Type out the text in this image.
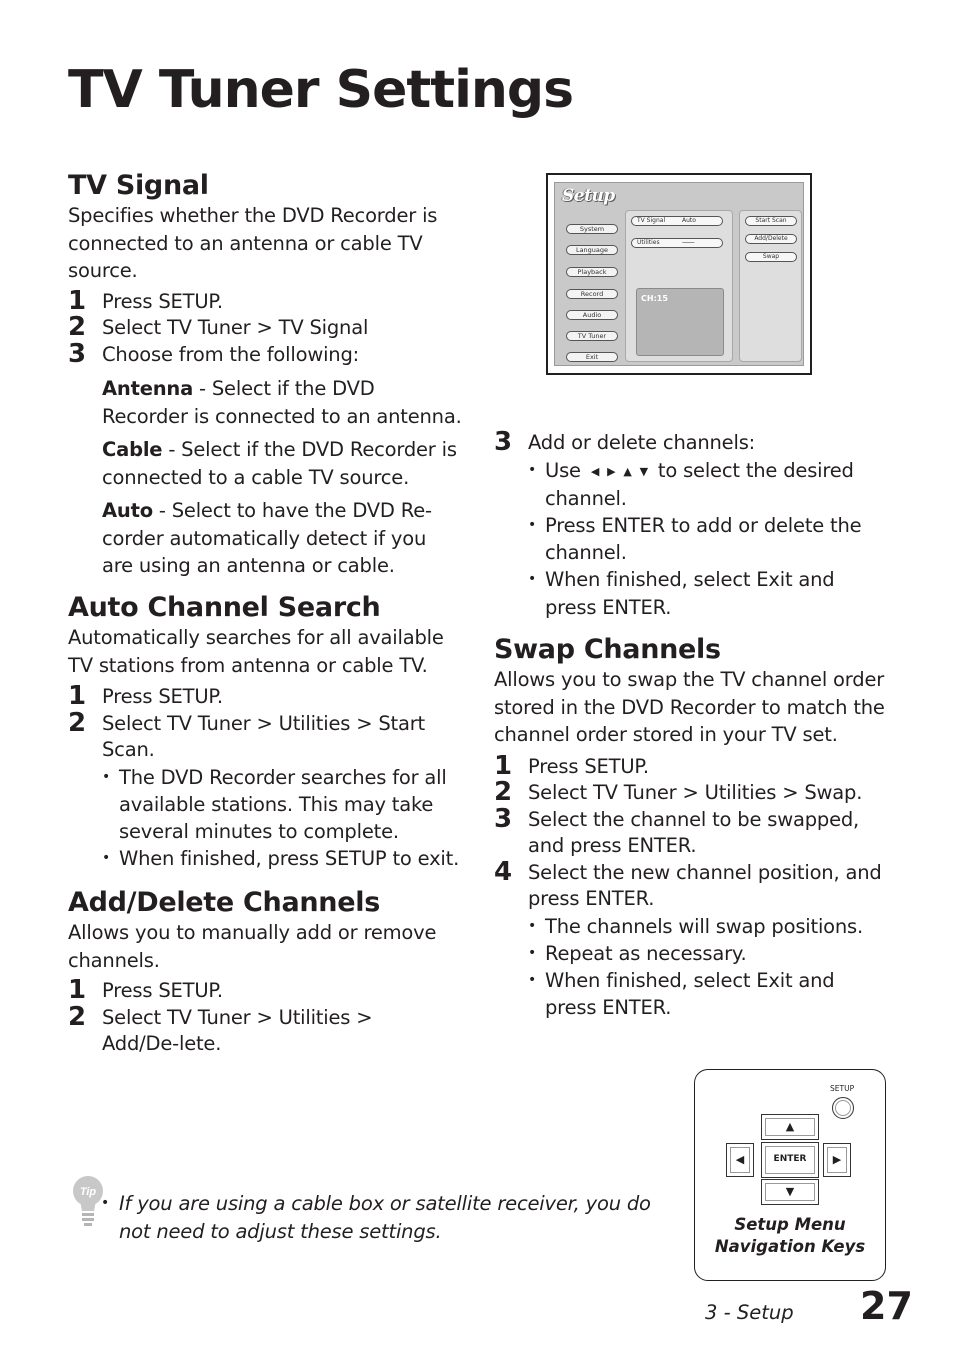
TV Tuner Settings
TV Signal
Specifies whether the DVD Recorder is connected to an antenna or cable TV source.
1 Press SETUP.
2 Select TV Tuner > TV Signal
3 Choose from the following:
Antenna - Select if the DVD Recorder is connected to an antenna.
Cable - Select if the DVD Recorder is connected to a cable TV source.
Auto - Select to have the DVD Re-corder automatically detect if you are using an antenna or cable.
Auto Channel Search
Automatically searches for all available TV stations from antenna or cable TV.
1 Press SETUP.
2 Select TV Tuner > Utilities > Start Scan.
• The DVD Recorder searches for all available stations. This may take several minutes to complete.
• When finished, press SETUP to exit.
Add/Delete Channels
Allows you to manually add or remove channels.
1 Press SETUP.
2 Select TV Tuner > Utilities > Add/De-lete.
Setup
System
Language
Playback
Record
Audio
TV Tuner
Exit
TV Signal	Auto
Utilities	----------
CH:15
Start Scan
Add/Delete
Swap
3 Add or delete channels:
• Use ◀ ▶ ▲ ▼ to select the desired channel.
• Press ENTER to add or delete the channel.
• When finished, select Exit and press ENTER.
Swap Channels
Allows you to swap the TV channel order stored in the DVD Recorder to match the channel order stored in your TV set.
1 Press SETUP.
2 Select TV Tuner > Utilities > Swap.
3 Select the channel to be swapped, and press ENTER.
4 Select the new channel position, and press ENTER.
• The channels will swap positions.
• Repeat as necessary.
• When finished, select Exit and press ENTER.
Tip
• If you are using a cable box or satellite receiver, you do not need to adjust these settings.
SETUP
▲
◀	ENTER	▶
▼
Setup Menu
Navigation Keys
3 - Setup 27
